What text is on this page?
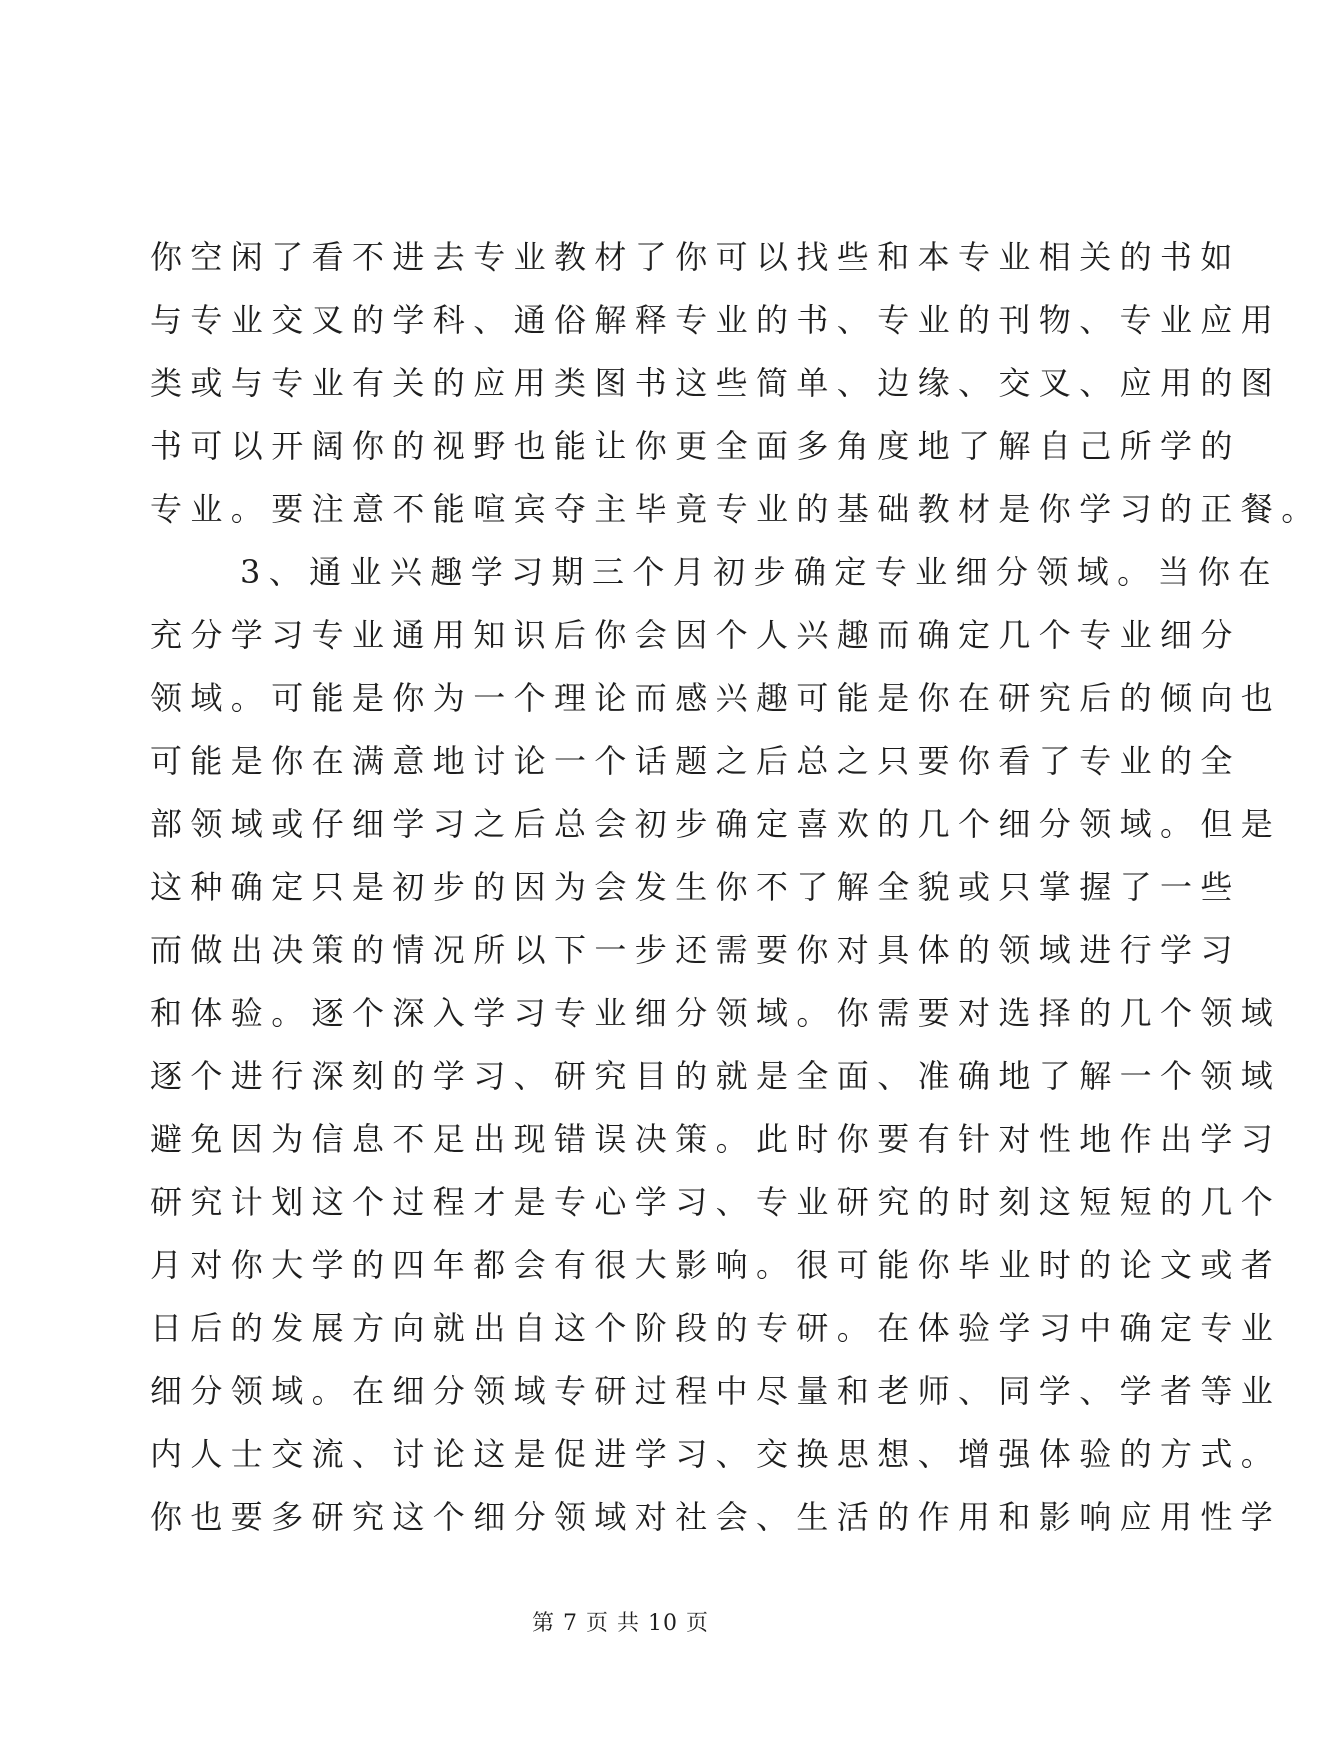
你空闲了看不进去专业教材了你可以找些和本专业相关的书如
与专业交叉的学科、通俗解释专业的书、专业的刊物、专业应用
类或与专业有关的应用类图书这些简单、边缘、交叉、应用的图
书可以开阔你的视野也能让你更全面多角度地了解自己所学的
专业。要注意不能喧宾夺主毕竟专业的基础教材是你学习的正餐。
3、通业兴趣学习期三个月初步确定专业细分领域。当你在
充分学习专业通用知识后你会因个人兴趣而确定几个专业细分
领域。可能是你为一个理论而感兴趣可能是你在研究后的倾向也
可能是你在满意地讨论一个话题之后总之只要你看了专业的全
部领域或仔细学习之后总会初步确定喜欢的几个细分领域。但是
这种确定只是初步的因为会发生你不了解全貌或只掌握了一些
而做出决策的情况所以下一步还需要你对具体的领域进行学习
和体验。逐个深入学习专业细分领域。你需要对选择的几个领域
逐个进行深刻的学习、研究目的就是全面、准确地了解一个领域
避免因为信息不足出现错误决策。此时你要有针对性地作出学习
研究计划这个过程才是专心学习、专业研究的时刻这短短的几个
月对你大学的四年都会有很大影响。很可能你毕业时的论文或者
日后的发展方向就出自这个阶段的专研。在体验学习中确定专业
细分领域。在细分领域专研过程中尽量和老师、同学、学者等业
内人士交流、讨论这是促进学习、交换思想、增强体验的方式。
你也要多研究这个细分领域对社会、生活的作用和影响应用性学
第 7 页 共 10 页
